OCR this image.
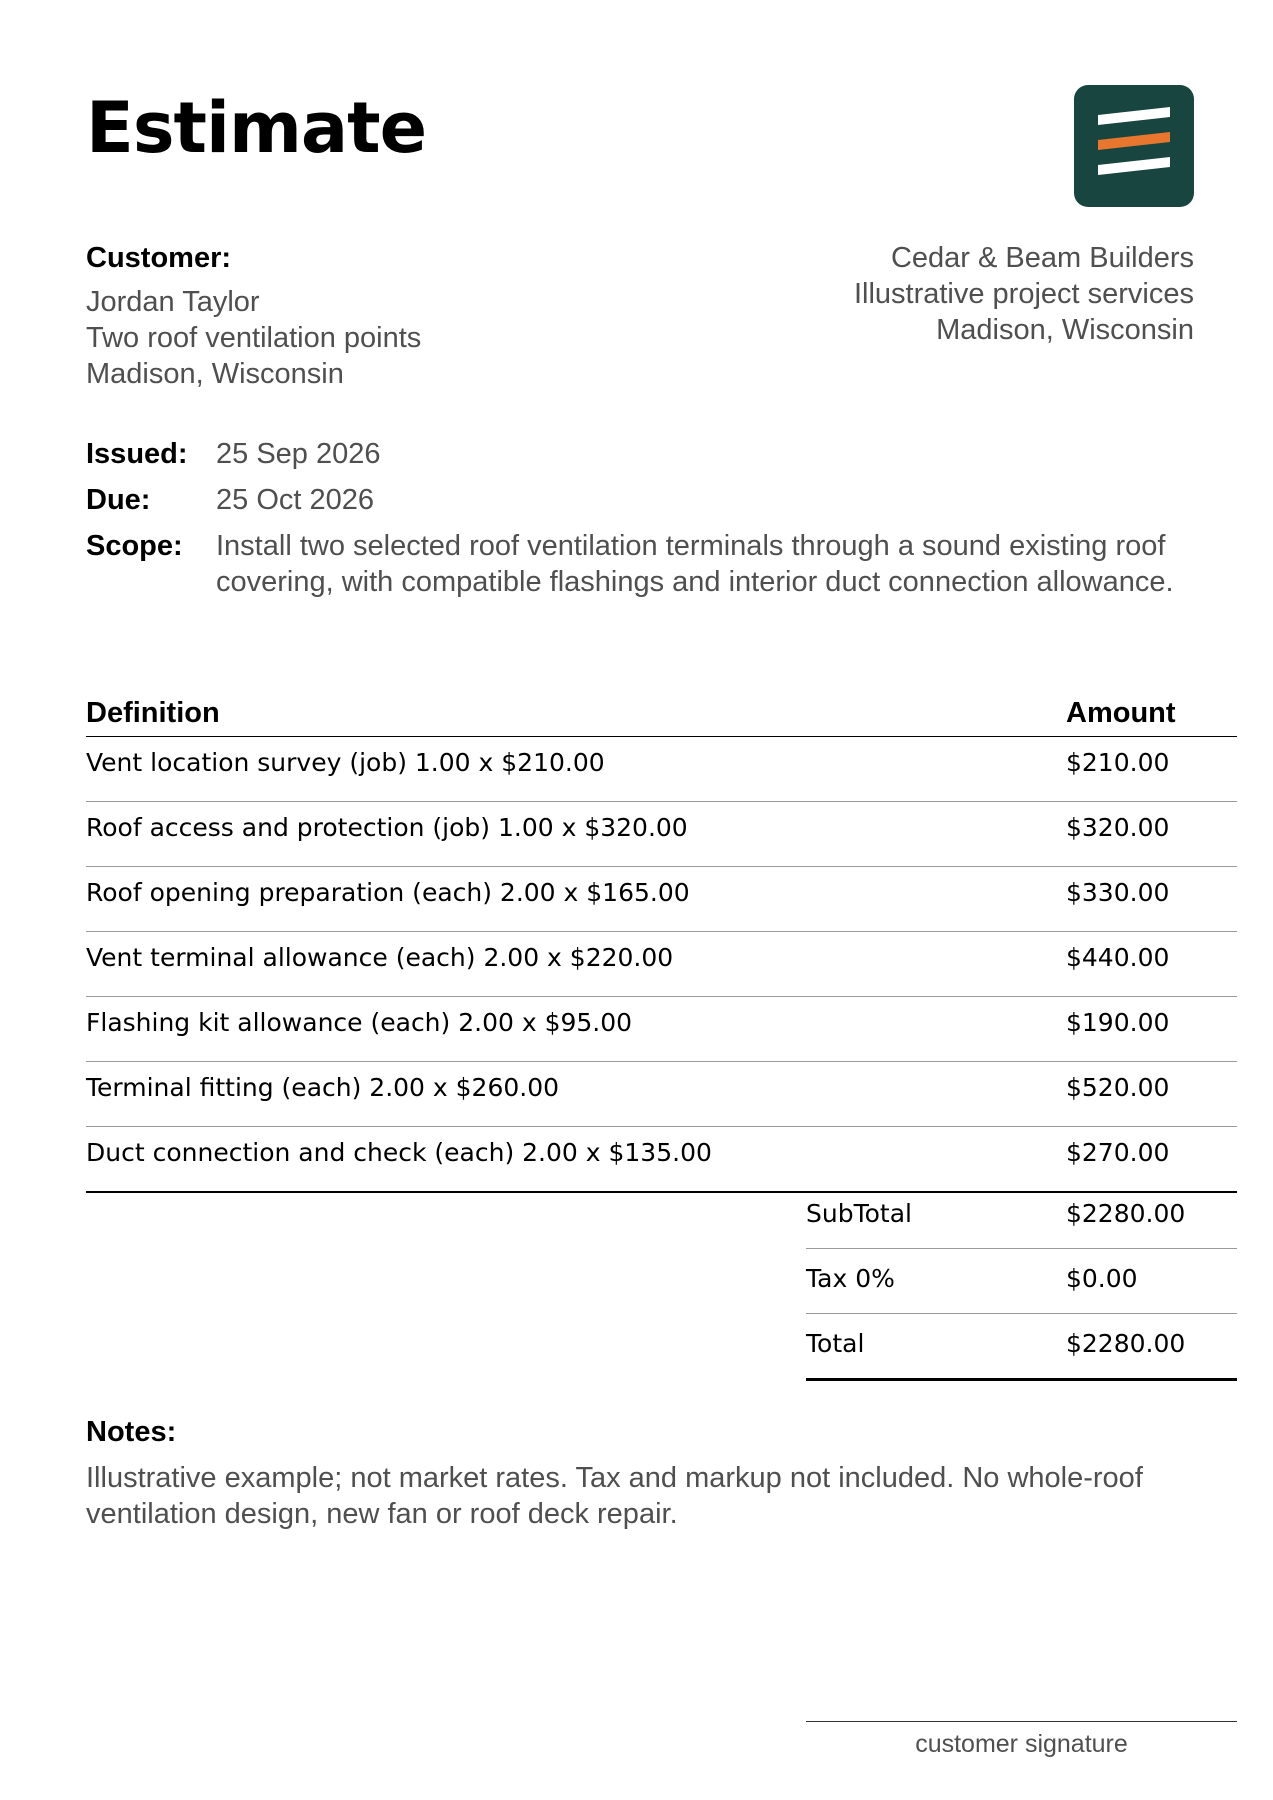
Estimate
Customer:
Jordan Taylor
Two roof ventilation points
Madison, Wisconsin
Cedar & Beam Builders
Illustrative project services
Madison, Wisconsin
Issued: 25 Sep 2026
Due:	25 Oct 2026
Scope:	Install two selected roof ventilation terminals through a sound existing roof covering, with compatible flashings and interior duct connection allowance.
Definition	Amount
Vent location survey (job) 1.00 x $210.00	$210.00
Roof access and protection (job) 1.00 x $320.00	$320.00
Roof opening preparation (each) 2.00 x $165.00	$330.00
Vent terminal allowance (each) 2.00 x $220.00	$440.00
Flashing kit allowance (each) 2.00 x $95.00	$190.00
Terminal fitting (each) 2.00 x $260.00	$520.00
Duct connection and check (each) 2.00 x $135.00	$270.00
SubTotal	$2280.00
Tax 0%	$0.00
Total	$2280.00
Notes:
Illustrative example; not market rates. Tax and markup not included. No whole-roof ventilation design, new fan or roof deck repair.
customer signature
